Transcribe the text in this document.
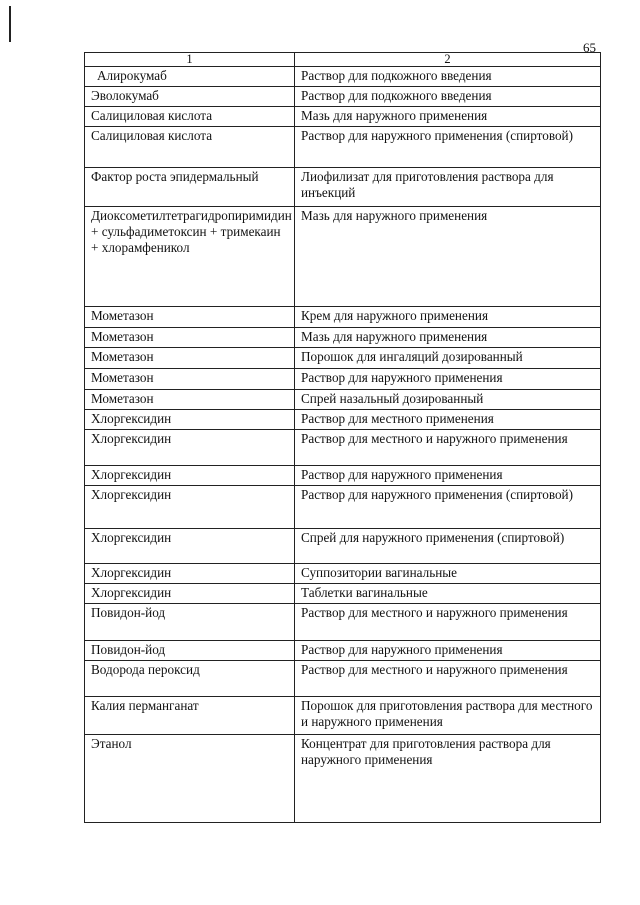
65
1	2
Алирокумаб	Раствор для подкожного введения
Эволокумаб	Раствор для подкожного введения
Салициловая кислота	Мазь для наружного применения
Салициловая кислота	Раствор для наружного применения (спиртовой)
Фактор роста эпидермальный	Лиофилизат для приготовления раствора для инъекций
Диоксометилтетрагидропиримидин + сульфадиметоксин + тримекаин + хлорамфеникол	Мазь для наружного применения
Мометазон	Крем для наружного применения
Мометазон	Мазь для наружного применения
Мометазон	Порошок для ингаляций дозированный
Мометазон	Раствор для наружного применения
Мометазон	Спрей назальный дозированный
Хлоргексидин	Раствор для местного применения
Хлоргексидин	Раствор для местного и наружного применения
Хлоргексидин	Раствор для наружного применения
Хлоргексидин	Раствор для наружного применения (спиртовой)
Хлоргексидин	Спрей для наружного применения (спиртовой)
Хлоргексидин	Суппозитории вагинальные
Хлоргексидин	Таблетки вагинальные
Повидон-йод	Раствор для местного и наружного применения
Повидон-йод	Раствор для наружного применения
Водорода пероксид	Раствор для местного и наружного применения
Калия перманганат	Порошок для приготовления раствора для местного и наружного применения
Этанол	Концентрат для приготовления раствора для наружного применения
